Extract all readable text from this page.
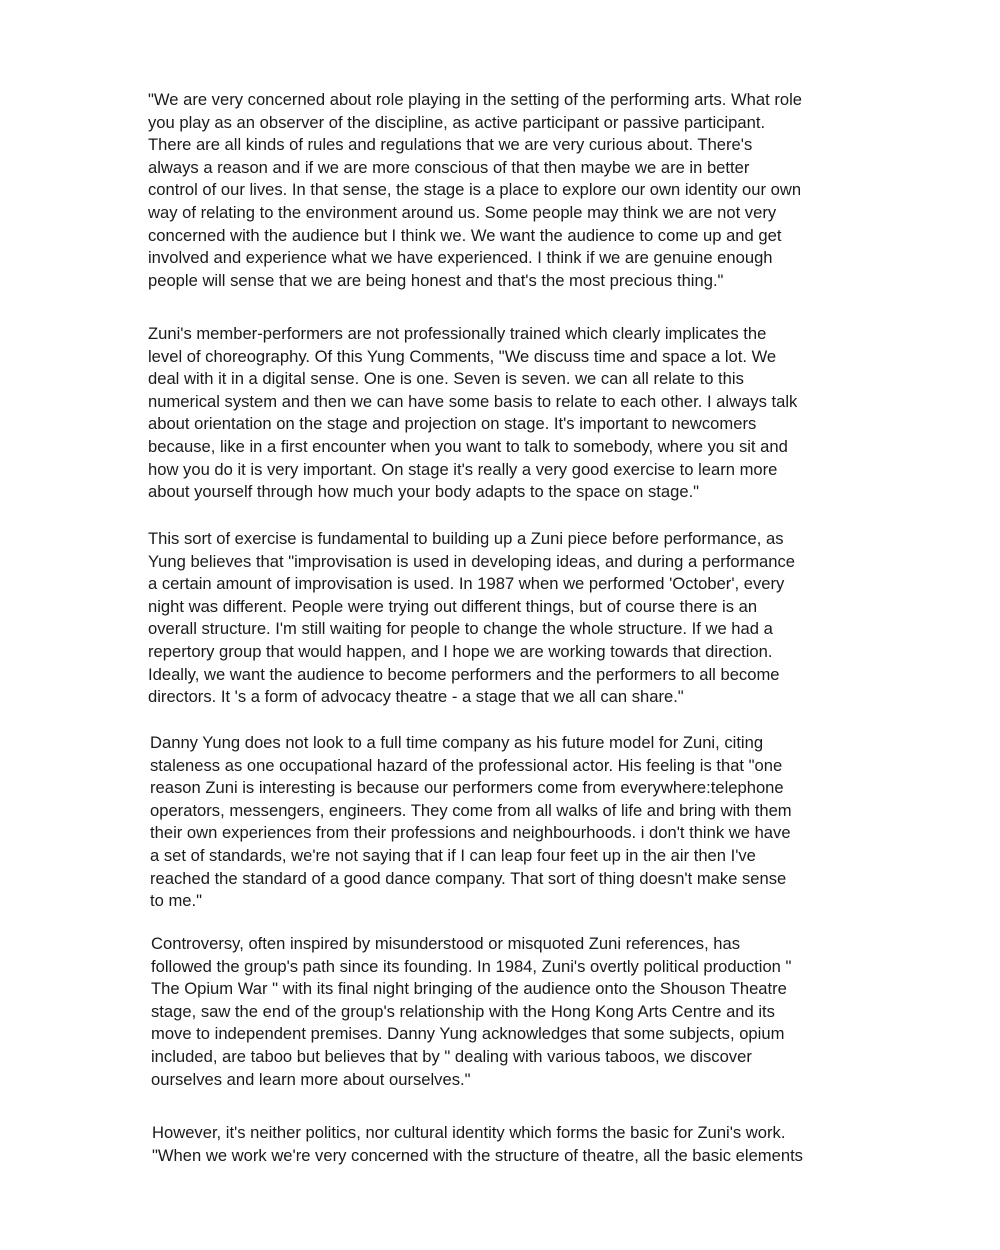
"We are very concerned about role playing in the setting of the performing arts. What role
you play as an observer of the discipline, as active participant or passive participant.
There are all kinds of rules and regulations that we are very curious about. There's
always a reason and if we are more conscious of that then maybe we are in better
control of our lives. In that sense, the stage is a place to explore our own identity our own
way of relating to the environment around us. Some people may think we are not very
concerned with the audience but I think we. We want the audience to come up and get
involved and experience what we have experienced. I think if we are genuine enough
people will sense that we are being honest and that's the most precious thing."
Zuni's member-performers are not professionally trained which clearly implicates the
level of choreography. Of this Yung Comments, "We discuss time and space a lot. We
deal with it in a digital sense. One is one. Seven is seven. we can all relate to this
numerical system and then we can have some basis to relate to each other. I always talk
about orientation on the stage and projection on stage. It's important to newcomers
because, like in a first encounter when you want to talk to somebody, where you sit and
how you do it is very important. On stage it's really a very good exercise to learn more
about yourself through how much your body adapts to the space on stage."
This sort of exercise is fundamental to building up a Zuni piece before performance, as
Yung believes that "improvisation is used in developing ideas, and during a performance
a certain amount of improvisation is used. In 1987 when we performed 'October', every
night was different. People were trying out different things, but of course there is an
overall structure. I'm still waiting for people to change the whole structure. If we had a
repertory group that would happen, and I hope we are working towards that direction.
Ideally, we want the audience to become performers and the performers to all become
directors. It 's a form of advocacy theatre - a stage that we all can share."
Danny Yung does not look to a full time company as his future model for Zuni, citing
staleness as one occupational hazard of the professional actor. His feeling is that "one
reason Zuni is interesting is because our performers come from everywhere:telephone
operators, messengers, engineers. They come from all walks of life and bring with them
their own experiences from their professions and neighbourhoods. i don't think we have
a set of standards, we're not saying that if I can leap four feet up in the air then I've
reached the standard of a good dance company. That sort of thing doesn't make sense
to me."
Controversy, often inspired by misunderstood or misquoted Zuni references, has
followed the group's path since its founding. In 1984, Zuni's overtly political production "
The Opium War " with its final night bringing of the audience onto the Shouson Theatre
stage, saw the end of the group's relationship with the Hong Kong Arts Centre and its
move to independent premises. Danny Yung acknowledges that some subjects, opium
included, are taboo but believes that by " dealing with various taboos, we discover
ourselves and learn more about ourselves."
However, it's neither politics, nor cultural identity which forms the basic for Zuni's work.
"When we work we're very concerned with the structure of theatre, all the basic elements
